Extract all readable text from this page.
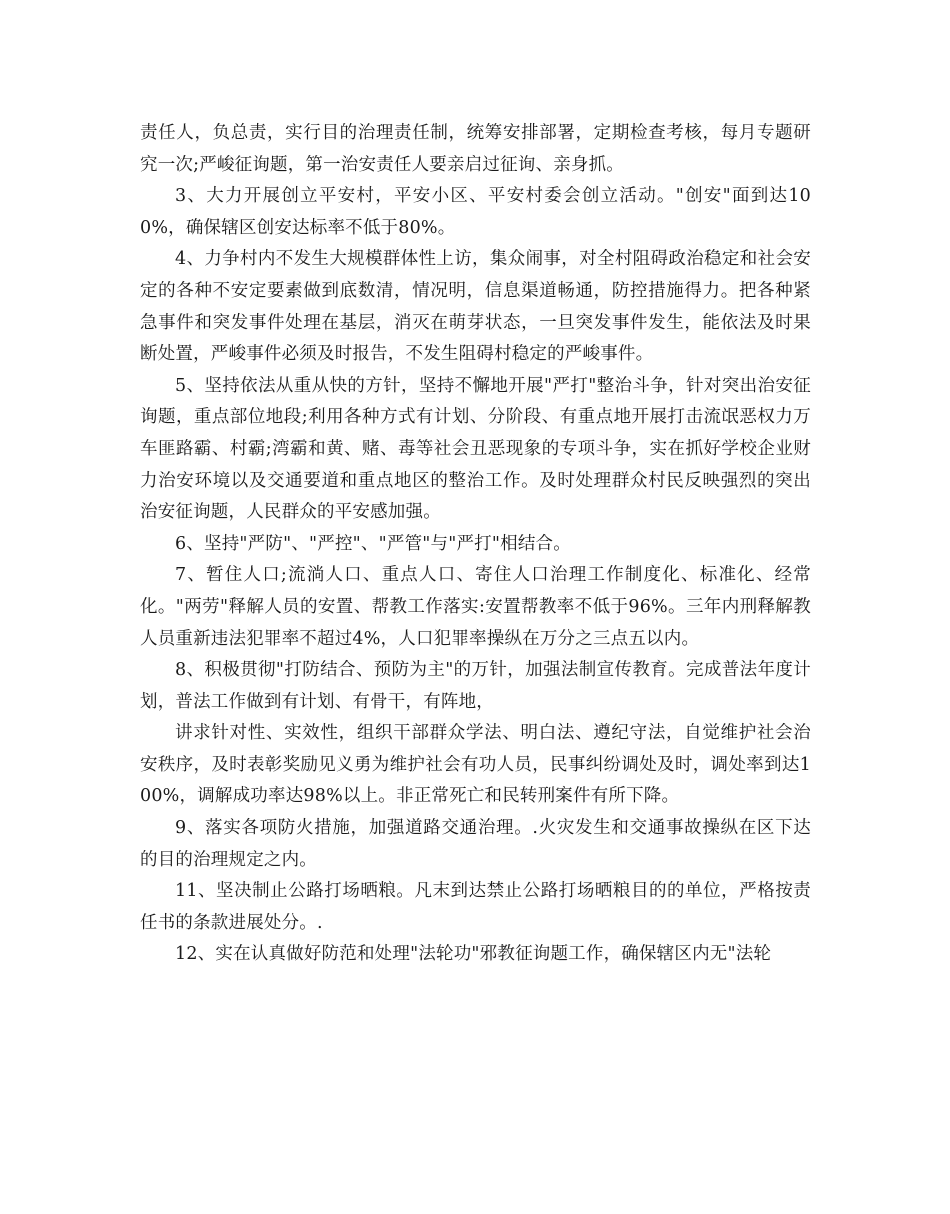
责任人，负总责，实行目的治理责任制，统筹安排部署，定期检查考核，每月专题研究一次;严峻征询题，第一治安责任人要亲启过征询、亲身抓。

3、大力开展创立平安村，平安小区、平安村委会创立活动。"创安"面到达100%，确保辖区创安达标率不低于80%。

4、力争村内不发生大规模群体性上访，集众闹事，对全村阻碍政治稳定和社会安定的各种不安定要素做到底数清，情况明，信息渠道畅通，防控措施得力。把各种紧急事件和突发事件处理在基层，消灭在萌芽状态，一旦突发事件发生，能依法及时果断处置，严峻事件必须及时报告，不发生阻碍村稳定的严峻事件。

5、坚持依法从重从快的方针，坚持不懈地开展"严打"整治斗争，针对突出治安征询题，重点部位地段;利用各种方式有计划、分阶段、有重点地开展打击流氓恶权力万车匪路霸、村霸;湾霸和黄、赌、毒等社会丑恶现象的专项斗争，实在抓好学校企业财力治安环境以及交通要道和重点地区的整治工作。及时处理群众村民反映强烈的突出治安征询题，人民群众的平安感加强。

6、坚持"严防"、"严控"、"严管"与"严打"相结合。

7、暂住人口;流淌人口、重点人口、寄住人口治理工作制度化、标准化、经常化。"两劳"释解人员的安置、帮教工作落实:安置帮教率不低于96%。三年内刑释解教人员重新违法犯罪率不超过4%，人口犯罪率操纵在万分之三点五以内。

8、积极贯彻"打防结合、预防为主"的万针，加强法制宣传教育。完成普法年度计划，普法工作做到有计划、有骨干，有阵地，

讲求针对性、实效性，组织干部群众学法、明白法、遵纪守法，自觉维护社会治安秩序，及时表彰奖励见义勇为维护社会有功人员，民事纠纷调处及时，调处率到达100%，调解成功率达98%以上。非正常死亡和民转刑案件有所下降。

9、落实各项防火措施，加强道路交通治理。.火灾发生和交通事故操纵在区下达的目的治理规定之内。

11、坚决制止公路打场晒粮。凡末到达禁止公路打场晒粮目的的单位，严格按责任书的条款进展处分。.

12、实在认真做好防范和处理"法轮功"邪教征询题工作，确保辖区内无"法轮
